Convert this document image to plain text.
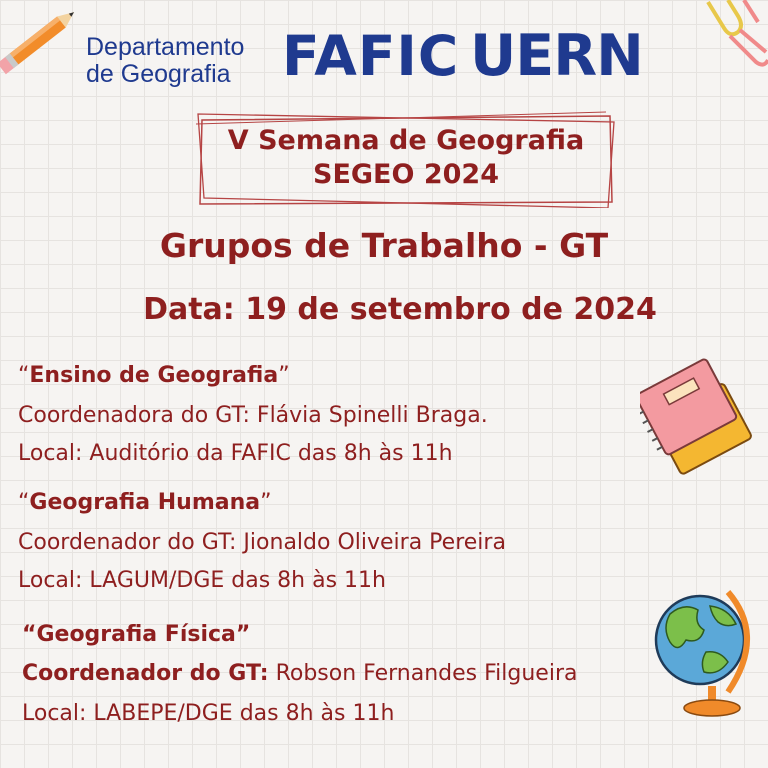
Departamento
de Geografia FAFIC UERN
V Semana de Geografia
SEGEO 2024
Grupos de Trabalho - GT
Data: 19 de setembro de 2024
“Ensino de Geografia”
Coordenadora do GT: Flávia Spinelli Braga.
Local: Auditório da FAFIC das 8h às 11h
“Geografia Humana”
Coordenador do GT: Jionaldo Oliveira Pereira
Local: LAGUM/DGE das 8h às 11h
“Geografia Física”
Coordenador do GT: Robson Fernandes Filgueira
Local: LABEPE/DGE das 8h às 11h
